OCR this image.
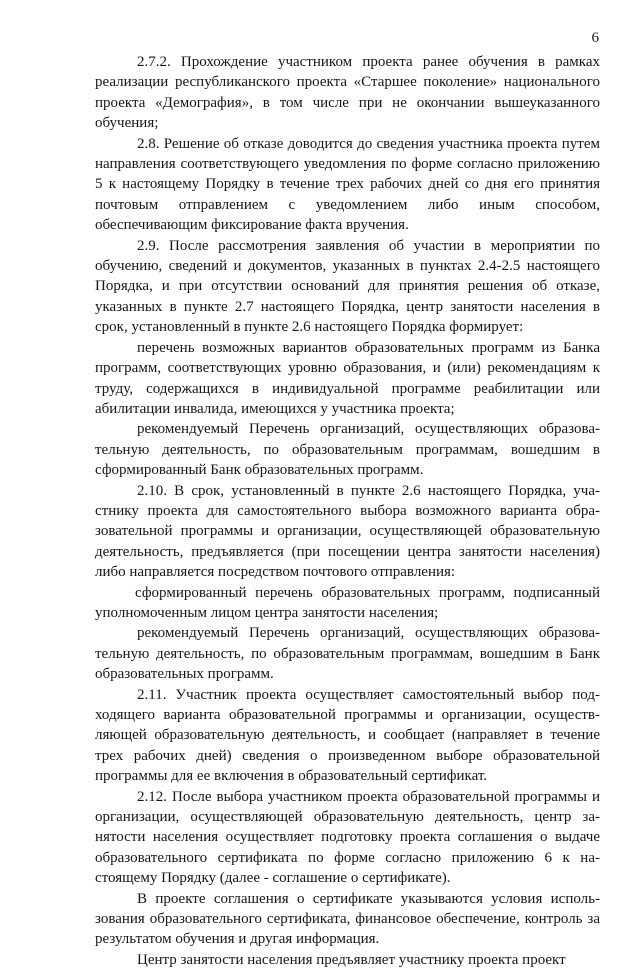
6

2.7.2. Прохождение участником проекта ранее обучения в рамках реализации республиканского проекта «Старшее поколение» национального проекта «Демография», в том числе при не окончании вышеуказанного обучения;

2.8. Решение об отказе доводится до сведения участника проекта путем направления соответствующего уведомления по форме согласно приложению 5 к настоящему Порядку в течение трех рабочих дней со дня его принятия почтовым отправлением с уведомлением либо иным способом, обеспечивающим фиксирование факта вручения.

2.9. После рассмотрения заявления об участии в мероприятии по обучению, сведений и документов, указанных в пунктах 2.4-2.5 настоящего Порядка, и при отсутствии оснований для принятия решения об отказе, указанных в пункте 2.7 настоящего Порядка, центр занятости населения в срок, установленный в пункте 2.6 настоящего Порядка формирует:

перечень возможных вариантов образовательных программ из Банка программ, соответствующих уровню образования, и (или) рекомендациям к труду, содержащихся в индивидуальной программе реабилитации или абилитации инвалида, имеющихся у участника проекта;

рекомендуемый Перечень организаций, осуществляющих образовательную деятельность, по образовательным программам, вошедшим в сформированный Банк образовательных программ.

2.10. В срок, установленный в пункте 2.6 настоящего Порядка, участнику проекта для самостоятельного выбора возможного варианта образовательной программы и организации, осуществляющей образовательную деятельность, предъявляется (при посещении центра занятости населения) либо направляется посредством почтового отправления:

сформированный перечень образовательных программ, подписанный уполномоченным лицом центра занятости населения;

рекомендуемый Перечень организаций, осуществляющих образовательную деятельность, по образовательным программам, вошедшим в Банк образовательных программ.

2.11. Участник проекта осуществляет самостоятельный выбор подходящего варианта образовательной программы и организации, осуществляющей образовательную деятельность, и сообщает (направляет в течение трех рабочих дней) сведения о произведенном выборе образовательной программы для ее включения в образовательный сертификат.

2.12. После выбора участником проекта образовательной программы и организации, осуществляющей образовательную деятельность, центр занятости населения осуществляет подготовку проекта соглашения о выдаче образовательного сертификата по форме согласно приложению 6 к настоящему Порядку (далее - соглашение о сертификате).

В проекте соглашения о сертификате указываются условия использования образовательного сертификата, финансовое обеспечение, контроль за результатом обучения и другая информация.

Центр занятости населения предъявляет участнику проекта проект
